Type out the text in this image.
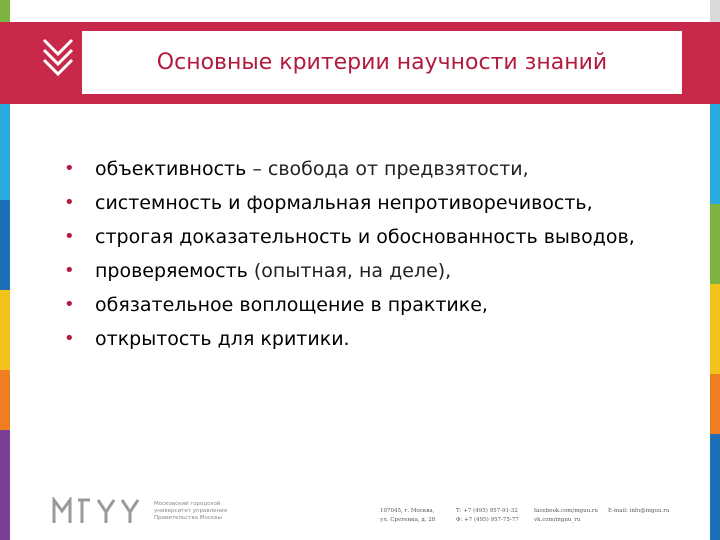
Основные критерии научности знаний
• объективность – свобода от предвзятости,
• системность и формальная непротиворечивость,
• строгая доказательность и обоснованность выводов,
• проверяемость (опытная, на деле),
• обязательное воплощение в практике,
• открытость для критики.
Московский городской
университет управления
Правительства Москвы
107045, г. Москва,
ул. Сретенка, д. 28
Т: +7 (495) 957-91-32
Ф: +7 (495) 957-75-77
facebook.com/mguu.ru
vk.com/mguu_ru
E-mail: info@mguu.ru
